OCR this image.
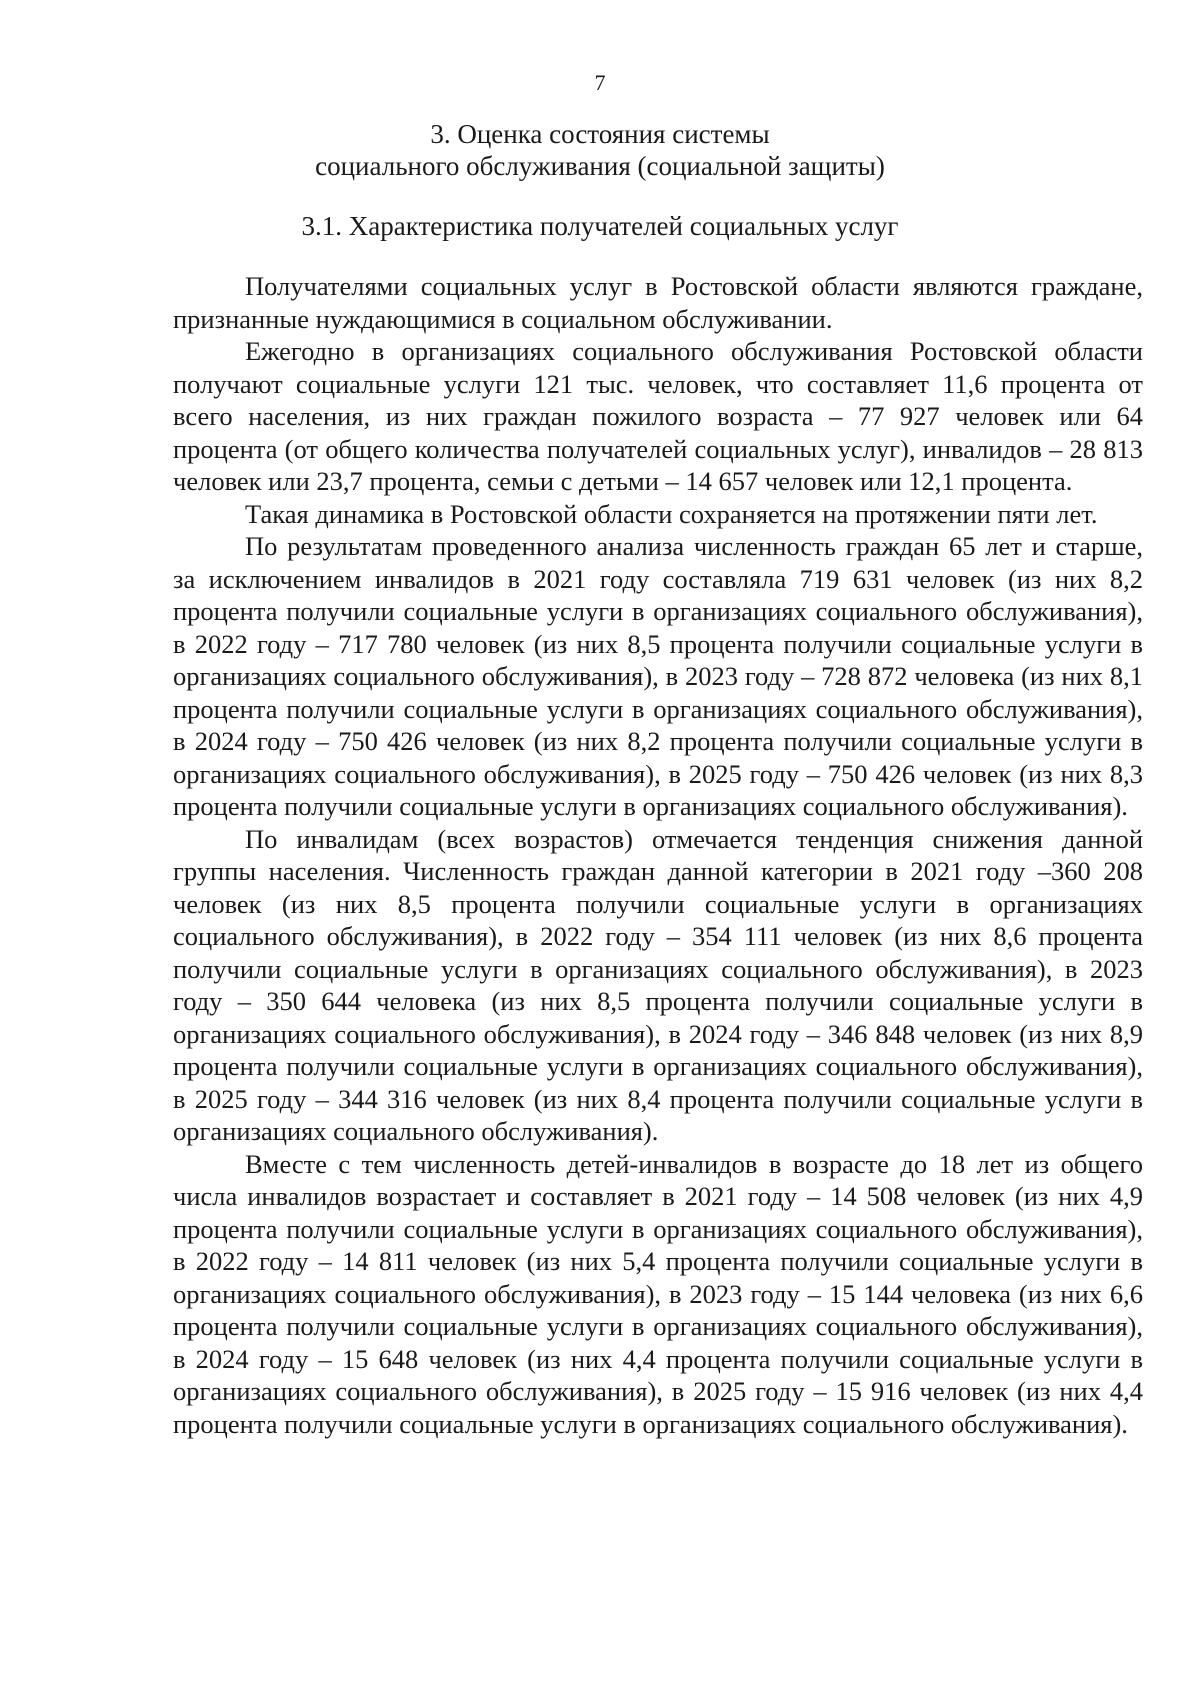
7
3. Оценка состояния системы
социального обслуживания (социальной защиты)
3.1. Характеристика получателей социальных услуг

Получателями социальных услуг в Ростовской области являются граждане, признанные нуждающимися в социальном обслуживании.

Ежегодно в организациях социального обслуживания Ростовской области получают социальные услуги 121 тыс. человек, что составляет 11,6 процента от всего населения, из них граждан пожилого возраста – 77 927 человек или 64 процента (от общего количества получателей социальных услуг), инвалидов – 28 813 человек или 23,7 процента, семьи с детьми – 14 657 человек или 12,1 процента.

Такая динамика в Ростовской области сохраняется на протяжении пяти лет.

По результатам проведенного анализа численность граждан 65 лет и старше, за исключением инвалидов в 2021 году составляла 719 631 человек (из них 8,2 процента получили социальные услуги в организациях социального обслуживания), в 2022 году – 717 780 человек (из них 8,5 процента получили социальные услуги в организациях социального обслуживания), в 2023 году – 728 872 человека (из них 8,1 процента получили социальные услуги в организациях социального обслуживания), в 2024 году – 750 426 человек (из них 8,2 процента получили социальные услуги в организациях социального обслуживания), в 2025 году – 750 426 человек (из них 8,3 процента получили социальные услуги в организациях социального обслуживания).

По инвалидам (всех возрастов) отмечается тенденция снижения данной группы населения. Численность граждан данной категории в 2021 году –360 208 человек (из них 8,5 процента получили социальные услуги в организациях социального обслуживания), в 2022 году – 354 111 человек (из них 8,6 процента получили социальные услуги в организациях социального обслуживания), в 2023 году – 350 644 человека (из них 8,5 процента получили социальные услуги в организациях социального обслуживания), в 2024 году – 346 848 человек (из них 8,9 процента получили социальные услуги в организациях социального обслуживания), в 2025 году – 344 316 человек (из них 8,4 процента получили социальные услуги в организациях социального обслуживания).

Вместе с тем численность детей-инвалидов в возрасте до 18 лет из общего числа инвалидов возрастает и составляет в 2021 году – 14 508 человек (из них 4,9 процента получили социальные услуги в организациях социального обслуживания), в 2022 году – 14 811 человек (из них 5,4 процента получили социальные услуги в организациях социального обслуживания), в 2023 году – 15 144 человека (из них 6,6 процента получили социальные услуги в организациях социального обслуживания), в 2024 году – 15 648 человек (из них 4,4 процента получили социальные услуги в организациях социального обслуживания), в 2025 году – 15 916 человек (из них 4,4 процента получили социальные услуги в организациях социального обслуживания).
